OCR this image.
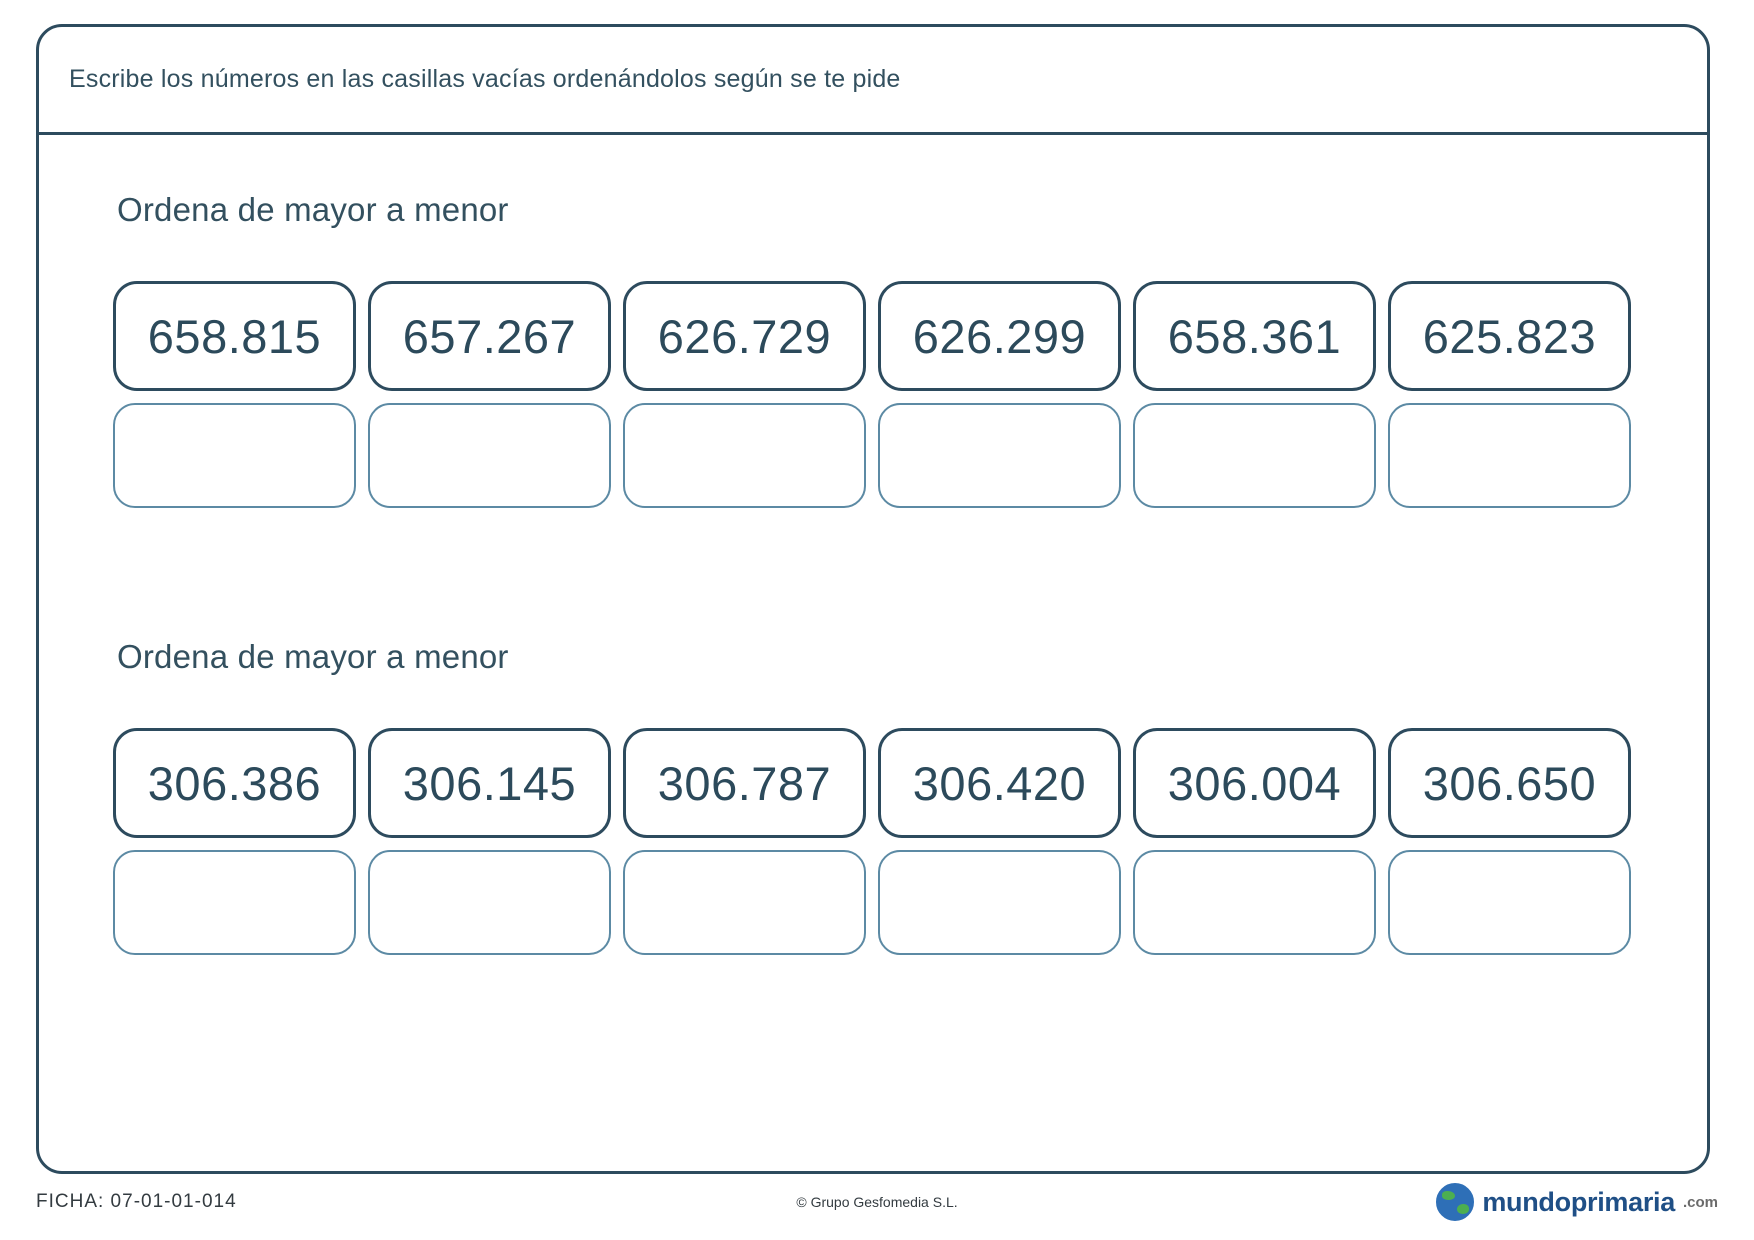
Escribe los números en las casillas vacías ordenándolos según se te pide
Ordena de mayor a menor
658.815	657.267	626.729	626.299	658.361	625.823
Ordena de mayor a menor
306.386	306.145	306.787	306.420	306.004	306.650
FICHA: 07-01-01-014	© Grupo Gesfomedia S.L.	mundoprimaria .com
